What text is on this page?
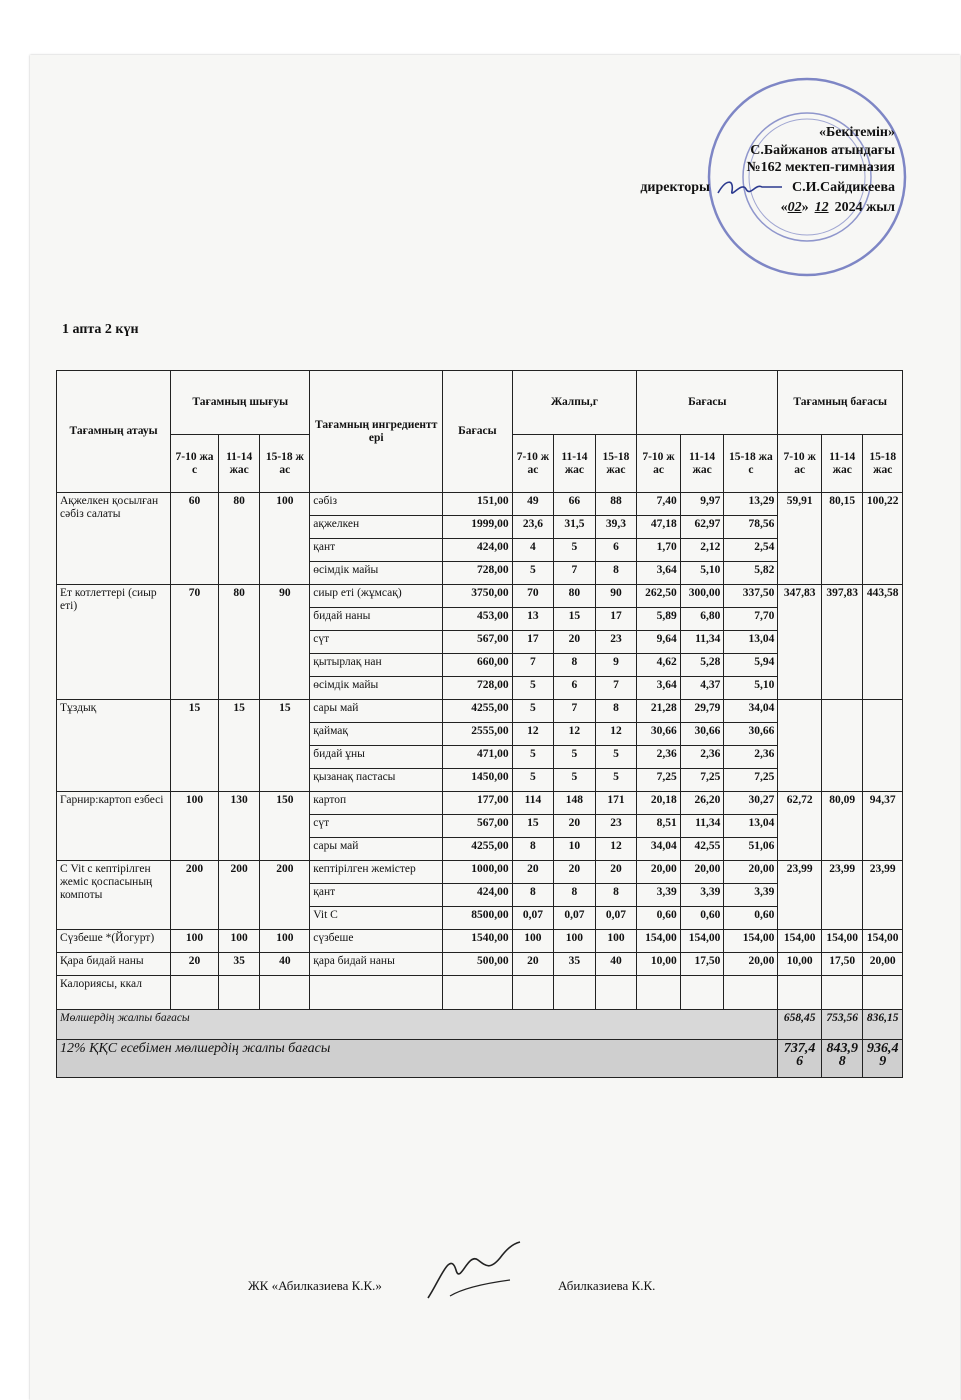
«Бекітемін»
С.Байжанов атындағы
№162 мектеп-гимназия
директоры	С.И.Сайдикеева
«02» 12 2024 жыл
1 апта 2 күн
Тағамның атауы	Тағамның шығуы			Тағамның ингредиенттері	Бағасы	Жалпы,г			Бағасы			Тағамның бағасы		
	7-10 жас	11-14 жас	15-18 жас			7-10 жас	11-14 жас	15-18 жас	7-10 жас	11-14 жас	15-18 жас	7-10 жас	11-14 жас	15-18 жас
Ақжелкен қосылған сәбіз салаты	60	80	100	сәбіз	151,00	49	66	88	7,40	9,97	13,29	59,91	80,15	100,22
				ақжелкен	1999,00	23,6	31,5	39,3	47,18	62,97	78,56			
				қант	424,00	4	5	6	1,70	2,12	2,54			
				өсімдік майы	728,00	5	7	8	3,64	5,10	5,82			
Ет котлеттері (сиыр еті)	70	80	90	сиыр еті (жұмсақ)	3750,00	70	80	90	262,50	300,00	337,50	347,83	397,83	443,58
				бидай наны	453,00	13	15	17	5,89	6,80	7,70			
				сүт	567,00	17	20	23	9,64	11,34	13,04			
				қытырлақ нан	660,00	7	8	9	4,62	5,28	5,94			
				өсімдік майы	728,00	5	6	7	3,64	4,37	5,10			
Тұздық	15	15	15	сары май	4255,00	5	7	8	21,28	29,79	34,04			
				қаймақ	2555,00	12	12	12	30,66	30,66	30,66			
				бидай ұны	471,00	5	5	5	2,36	2,36	2,36			
				қызанақ пастасы	1450,00	5	5	5	7,25	7,25	7,25			
Гарнир:картоп езбесі	100	130	150	картоп	177,00	114	148	171	20,18	26,20	30,27	62,72	80,09	94,37
				сүт	567,00	15	20	23	8,51	11,34	13,04			
				сары май	4255,00	8	10	12	34,04	42,55	51,06			
С Vit с кептірілген жеміс қоспасының компоты	200	200	200	кептірілген жемістер	1000,00	20	20	20	20,00	20,00	20,00	23,99	23,99	23,99
				қант	424,00	8	8	8	3,39	3,39	3,39			
				Vit C	8500,00	0,07	0,07	0,07	0,60	0,60	0,60			
Сүзбеше *(Йогурт)	100	100	100	сүзбеше	1540,00	100	100	100	154,00	154,00	154,00	154,00	154,00	154,00
Қара бидай наны	20	35	40	қара бидай наны	500,00	20	35	40	10,00	17,50	20,00	10,00	17,50	20,00
Калориясы, ккал														
Мөлшердің жалпы бағасы												658,45	753,56	836,15
12% ҚҚС есебімен мөлшердің жалпы бағасы												737,46	843,98	936,49
ЖК «Абилказиева К.К.»	Абилказиева К.К.
